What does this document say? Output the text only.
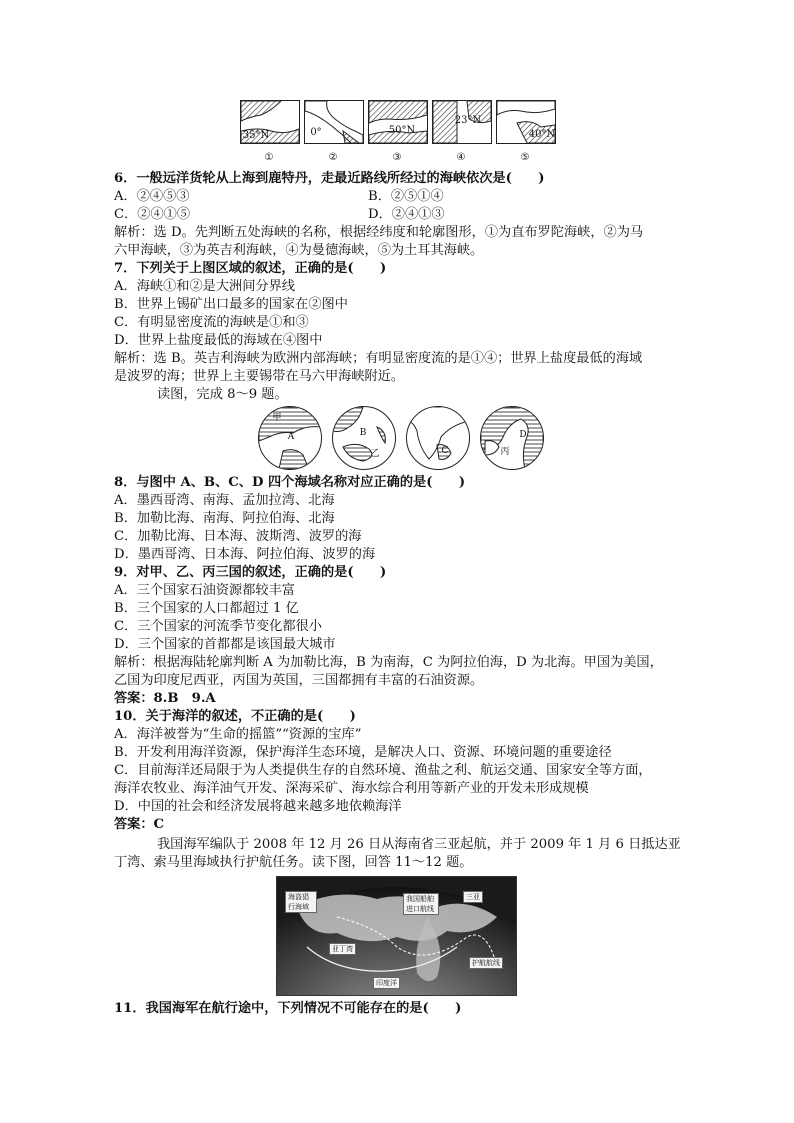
35°N	0°	50°N
23°N
40°N
①	②	③	④	⑤
6．一般远洋货轮从上海到鹿特丹，走最近路线所经过的海峡依次是(　　)
A．②④⑤③	B．②⑤①④
C．②④①⑤	D．②④①③
解析：选 D。先判断五处海峡的名称，根据经纬度和轮廓图形，①为直布罗陀海峡，②为马
六甲海峡，③为英吉利海峡，④为曼德海峡，⑤为土耳其海峡。
7．下列关于上图区域的叙述，正确的是(　　)
A．海峡①和②是大洲间分界线
B．世界上锡矿出口最多的国家在②图中
C．有明显密度流的海峡是①和③
D．世界上盐度最低的海域在④图中
解析：选 B。英吉利海峡为欧洲内部海峡；有明显密度流的是①④；世界上盐度最低的海域
是波罗的海；世界上主要锡带在马六甲海峡附近。
读图，完成 8～9 题。
甲
A	B
乙	C
D
丙
8．与图中 A、B、C、D 四个海域名称对应正确的是(　　)
A．墨西哥湾、南海、孟加拉湾、北海
B．加勒比海、南海、阿拉伯海、北海
C．加勒比海、日本海、波斯湾、波罗的海
D．墨西哥湾、日本海、阿拉伯海、波罗的海
9．对甲、乙、丙三国的叙述，正确的是(　　)
A．三个国家石油资源都较丰富
B．三个国家的人口都超过 1 亿
C．三个国家的河流季节变化都很小
D．三个国家的首都都是该国最大城市
解析：根据海陆轮廓判断 A 为加勒比海，B 为南海，C 为阿拉伯海，D 为北海。甲国为美国，
乙国为印度尼西亚，丙国为英国，三国都拥有丰富的石油资源。
答案：8.B　9.A
10．关于海洋的叙述，不正确的是(　　)
A．海洋被誉为“生命的摇篮”“资源的宝库”
B．开发利用海洋资源，保护海洋生态环境，是解决人口、资源、环境问题的重要途径
C．目前海洋还局限于为人类提供生存的自然环境、渔盐之利、航运交通、国家安全等方面，
海洋农牧业、海洋油气开发、深海采矿、海水综合利用等新产业的开发未形成规模
D．中国的社会和经济发展将越来越多地依赖海洋
答案：C
我国海军编队于 2008 年 12 月 26 日从海南省三亚起航，并于 2009 年 1 月 6 日抵达亚
丁湾、索马里海域执行护航任务。读下图，回答 11～12 题。
海盗猖行海域
我国船舶进口航线
三亚
亚丁湾
印度洋
护航航线
11．我国海军在航行途中，下列情况不可能存在的是(　　)
